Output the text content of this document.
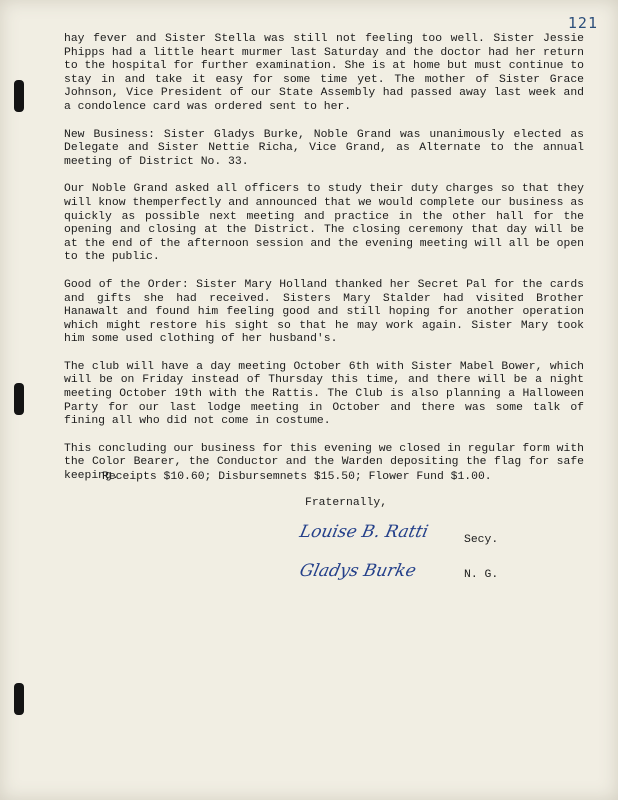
121

hay fever and Sister Stella was still not feeling too well. Sister Jessie Phipps had a little heart murmer last Saturday and the doctor had her return to the hospital for further examination. She is at home but must continue to stay in and take it easy for some time yet. The mother of Sister Grace Johnson, Vice President of our State Assembly had passed away last week and a condolence card was ordered sent to her.

New Business: Sister Gladys Burke, Noble Grand was unanimously elected as Delegate and Sister Nettie Richa, Vice Grand, as Alternate to the annual meeting of District No. 33.

Our Noble Grand asked all officers to study their duty charges so that they will know themperfectly and announced that we would complete our business as quickly as possible next meeting and practice in the other hall for the opening and closing at the District. The closing ceremony that day will be at the end of the afternoon session and the evening meeting will all be open to the public.

Good of the Order: Sister Mary Holland thanked her Secret Pal for the cards and gifts she had received. Sisters Mary Stalder had visited Brother Hanawalt and found him feeling good and still hoping for another operation which might restore his sight so that he may work again. Sister Mary took him some used clothing of her husband's.

The club will have a day meeting October 6th with Sister Mabel Bower, which will be on Friday instead of Thursday this time, and there will be a night meeting October 19th with the Rattis. The Club is also planning a Halloween Party for our last lodge meeting in October and there was some talk of fining all who did not come in costume.

This concluding our business for this evening we closed in regular form with the Color Bearer, the Conductor and the Warden depositing the flag for safe keeping.

Receipts $10.60; Disbursemnets $15.50; Flower Fund $1.00.
Fraternally,
Louise B. Ratti	Secy.
Gladys Burke	N. G.
